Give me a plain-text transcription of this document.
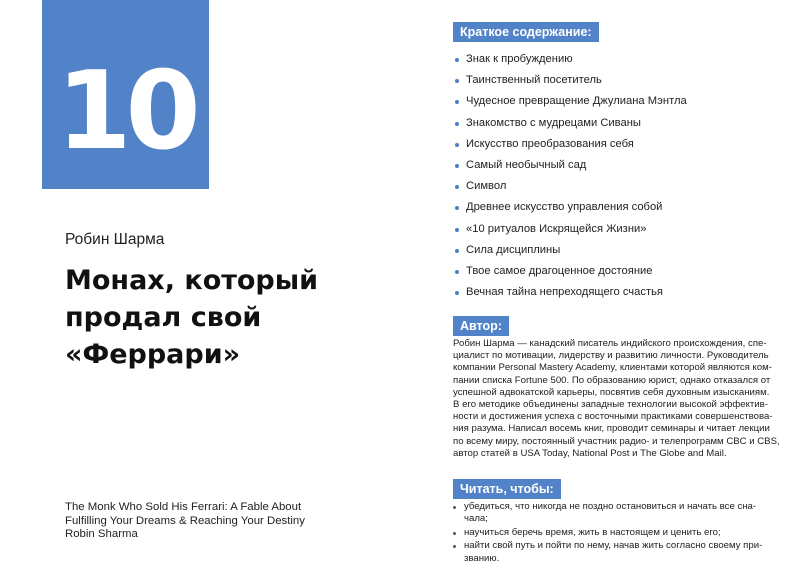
10
Робин Шарма
Монах, который
продал свой
«Феррари»
The Monk Who Sold His Ferrari: A Fable About
Fulfilling Your Dreams & Reaching Your Destiny
Robin Sharma
Краткое содержание:
Знак к пробуждению
Таинственный посетитель
Чудесное превращение Джулиана Мэнтла
Знакомство с мудрецами Сиваны
Искусство преобразования себя
Самый необычный сад
Символ
Древнее искусство управления собой
«10 ритуалов Искрящейся Жизни»
Сила дисциплины
Твое самое драгоценное достояние
Вечная тайна непреходящего счастья
Автор:
Робин Шарма — канадский писатель индийского происхождения, спе-
циалист по мотивации, лидерству и развитию личности. Руководитель
компании Personal Mastery Academy, клиентами которой являются ком-
пании списка Fortune 500. По образованию юрист, однако отказался от
успешной адвокатской карьеры, посвятив себя духовным изысканиям.
В его методике объединены западные технологии высокой эффектив-
ности и достижения успеха с восточными практиками совершенствова-
ния разума. Написал восемь книг, проводит семинары и читает лекции
по всему миру, постоянный участник радио- и телепрограмм CBC и CBS,
автор статей в USA Today, National Post и The Globe and Mail.
Читать, чтобы:
убедиться, что никогда не поздно остановиться и начать все сна-
чала;
научиться беречь время, жить в настоящем и ценить его;
найти свой путь и пойти по нему, начав жить согласно своему при-
званию.
